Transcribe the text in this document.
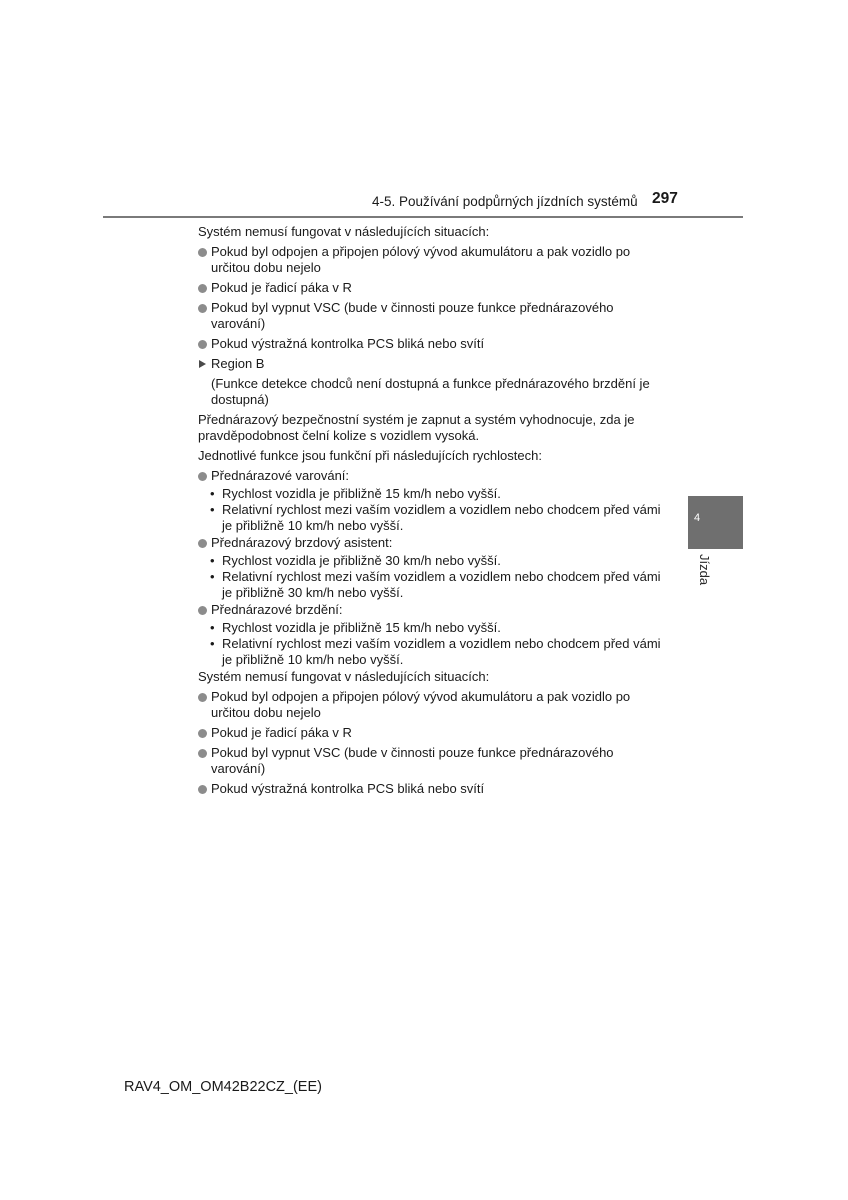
4-5. Používání podpůrných jízdních systémů 297
4
Jízda
Systém nemusí fungovat v následujících situacích:
Pokud byl odpojen a připojen pólový vývod akumulátoru a pak vozidlo po určitou dobu nejelo
Pokud je řadicí páka v R
Pokud byl vypnut VSC (bude v činnosti pouze funkce přednárazového varování)
Pokud výstražná kontrolka PCS bliká nebo svítí
Region B
(Funkce detekce chodců není dostupná a funkce přednárazového brzdění je dostupná)
Přednárazový bezpečnostní systém je zapnut a systém vyhodnocuje, zda je pravděpodobnost čelní kolize s vozidlem vysoká.
Jednotlivé funkce jsou funkční při následujících rychlostech:
Přednárazové varování:
• Rychlost vozidla je přibližně 15 km/h nebo vyšší.
• Relativní rychlost mezi vaším vozidlem a vozidlem nebo chodcem před vámi je přibližně 10 km/h nebo vyšší.
Přednárazový brzdový asistent:
• Rychlost vozidla je přibližně 30 km/h nebo vyšší.
• Relativní rychlost mezi vaším vozidlem a vozidlem nebo chodcem před vámi je přibližně 30 km/h nebo vyšší.
Přednárazové brzdění:
• Rychlost vozidla je přibližně 15 km/h nebo vyšší.
• Relativní rychlost mezi vaším vozidlem a vozidlem nebo chodcem před vámi je přibližně 10 km/h nebo vyšší.
Systém nemusí fungovat v následujících situacích:
Pokud byl odpojen a připojen pólový vývod akumulátoru a pak vozidlo po určitou dobu nejelo
Pokud je řadicí páka v R
Pokud byl vypnut VSC (bude v činnosti pouze funkce přednárazového varování)
Pokud výstražná kontrolka PCS bliká nebo svítí
RAV4_OM_OM42B22CZ_(EE)
